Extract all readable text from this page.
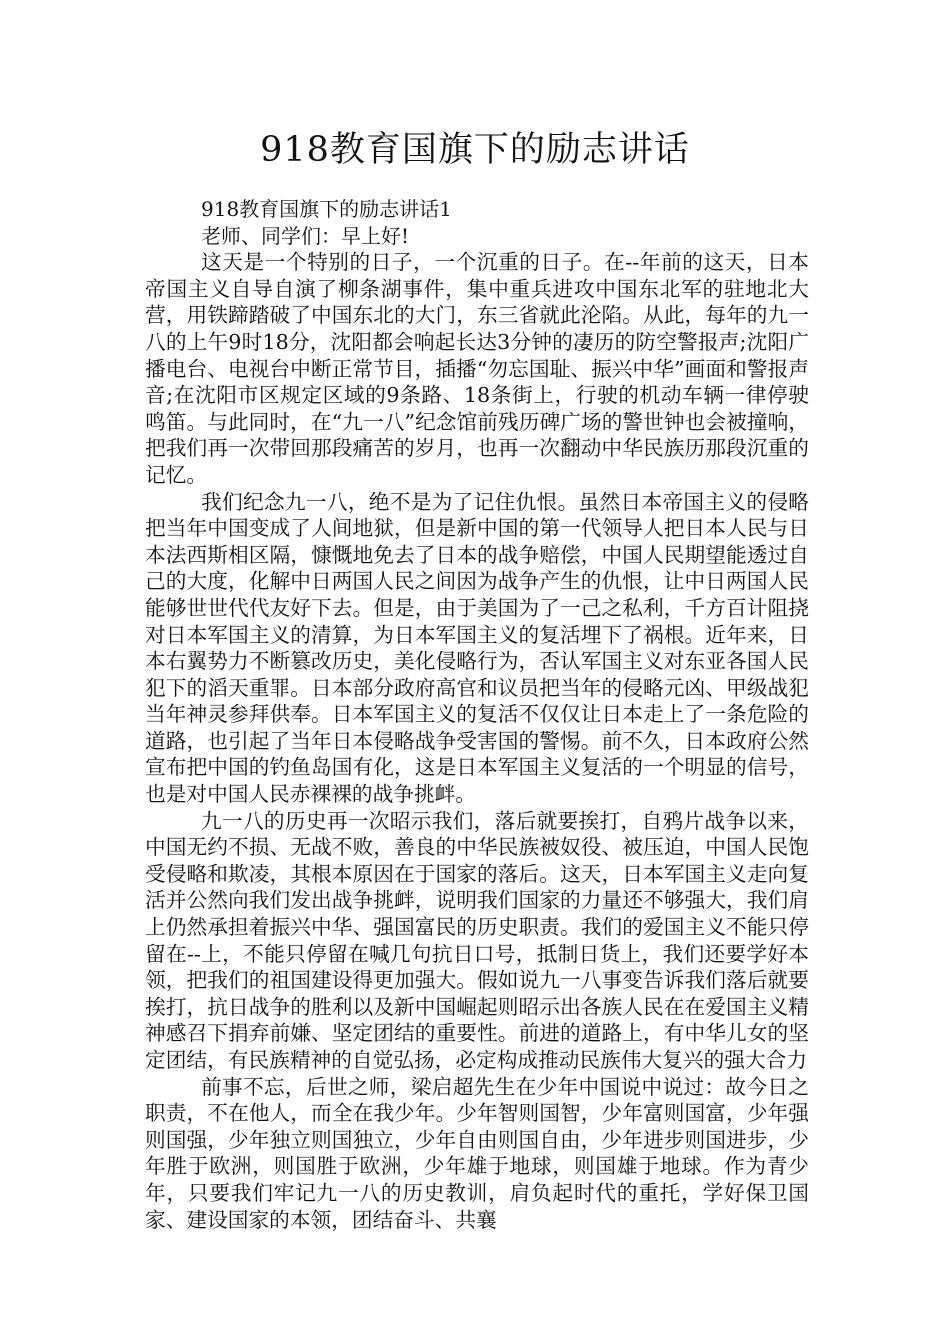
918教育国旗下的励志讲话

918教育国旗下的励志讲话1

老师、同学们：早上好!

这天是一个特别的日子，一个沉重的日子。在--年前的这天，日本帝国主义自导自演了柳条湖事件，集中重兵进攻中国东北军的驻地北大营，用铁蹄踏破了中国东北的大门，东三省就此沦陷。从此，每年的九一八的上午9时18分，沈阳都会响起长达3分钟的凄历的防空警报声;沈阳广播电台、电视台中断正常节目，插播“勿忘国耻、振兴中华”画面和警报声音;在沈阳市区规定区域的9条路、18条街上，行驶的机动车辆一律停驶鸣笛。与此同时，在“九一八”纪念馆前残历碑广场的警世钟也会被撞响，把我们再一次带回那段痛苦的岁月，也再一次翻动中华民族历那段沉重的记忆。

我们纪念九一八，绝不是为了记住仇恨。虽然日本帝国主义的侵略把当年中国变成了人间地狱，但是新中国的第一代领导人把日本人民与日本法西斯相区隔，慷慨地免去了日本的战争赔偿，中国人民期望能透过自己的大度，化解中日两国人民之间因为战争产生的仇恨，让中日两国人民能够世世代代友好下去。但是，由于美国为了一己之私利，千方百计阻挠对日本军国主义的清算，为日本军国主义的复活埋下了祸根。近年来，日本右翼势力不断篡改历史，美化侵略行为，否认军国主义对东亚各国人民犯下的滔天重罪。日本部分政府高官和议员把当年的侵略元凶、甲级战犯当年神灵参拜供奉。日本军国主义的复活不仅仅让日本走上了一条危险的道路，也引起了当年日本侵略战争受害国的警惕。前不久，日本政府公然宣布把中国的钓鱼岛国有化，这是日本军国主义复活的一个明显的信号，也是对中国人民赤裸裸的战争挑衅。

九一八的历史再一次昭示我们，落后就要挨打，自鸦片战争以来，中国无约不损、无战不败，善良的中华民族被奴役、被压迫，中国人民饱受侵略和欺凌，其根本原因在于国家的落后。这天，日本军国主义走向复活并公然向我们发出战争挑衅，说明我们国家的力量还不够强大，我们肩上仍然承担着振兴中华、强国富民的历史职责。我们的爱国主义不能只停留在--上，不能只停留在喊几句抗日口号，抵制日货上，我们还要学好本领，把我们的祖国建设得更加强大。假如说九一八事变告诉我们落后就要挨打，抗日战争的胜利以及新中国崛起则昭示出各族人民在在爱国主义精神感召下捐弃前嫌、坚定团结的重要性。前进的道路上，有中华儿女的坚定团结，有民族精神的自觉弘扬，必定构成推动民族伟大复兴的强大合力

前事不忘，后世之师，梁启超先生在少年中国说中说过：故今日之职责，不在他人，而全在我少年。少年智则国智，少年富则国富，少年强则国强，少年独立则国独立，少年自由则国自由，少年进步则国进步，少年胜于欧洲，则国胜于欧洲，少年雄于地球，则国雄于地球。作为青少年，只要我们牢记九一八的历史教训，肩负起时代的重托，学好保卫国家、建设国家的本领，团结奋斗、共襄
